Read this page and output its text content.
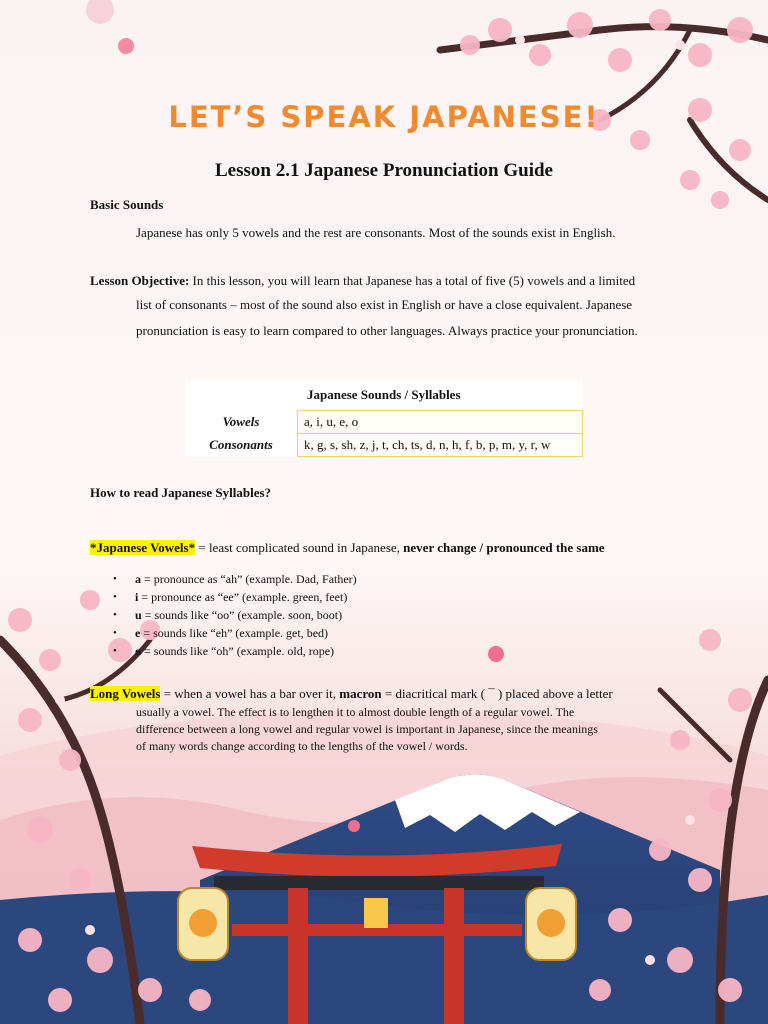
LET’S SPEAK JAPANESE!
Lesson 2.1 Japanese Pronunciation Guide
Basic Sounds
Japanese has only 5 vowels and the rest are consonants. Most of the sounds exist in English.
Lesson Objective: In this lesson, you will learn that Japanese has a total of five (5) vowels and a limited
list of consonants – most of the sound also exist in English or have a close equivalent. Japanese
pronunciation is easy to learn compared to other languages. Always practice your pronunciation.
Japanese Sounds / Syllables	
Vowels	a, i, u, e, o
Consonants	k, g, s, sh, z, j, t, ch, ts, d, n, h, f, b, p, m, y, r, w
How to read Japanese Syllables?
*Japanese Vowels* = least complicated sound in Japanese, never change / pronounced the same
• a = pronounce as “ah” (example. Dad, Father)
• i = pronounce as “ee” (example. green, feet)
• u = sounds like “oo” (example. soon, boot)
• e = sounds like “eh” (example. get, bed)
• o = sounds like “oh” (example. old, rope)
Long Vowels = when a vowel has a bar over it, macron = diacritical mark ( ¯ ) placed above a letter
usually a vowel. The effect is to lengthen it to almost double length of a regular vowel. The
difference between a long vowel and regular vowel is important in Japanese, since the meanings
of many words change according to the lengths of the vowel / words.
